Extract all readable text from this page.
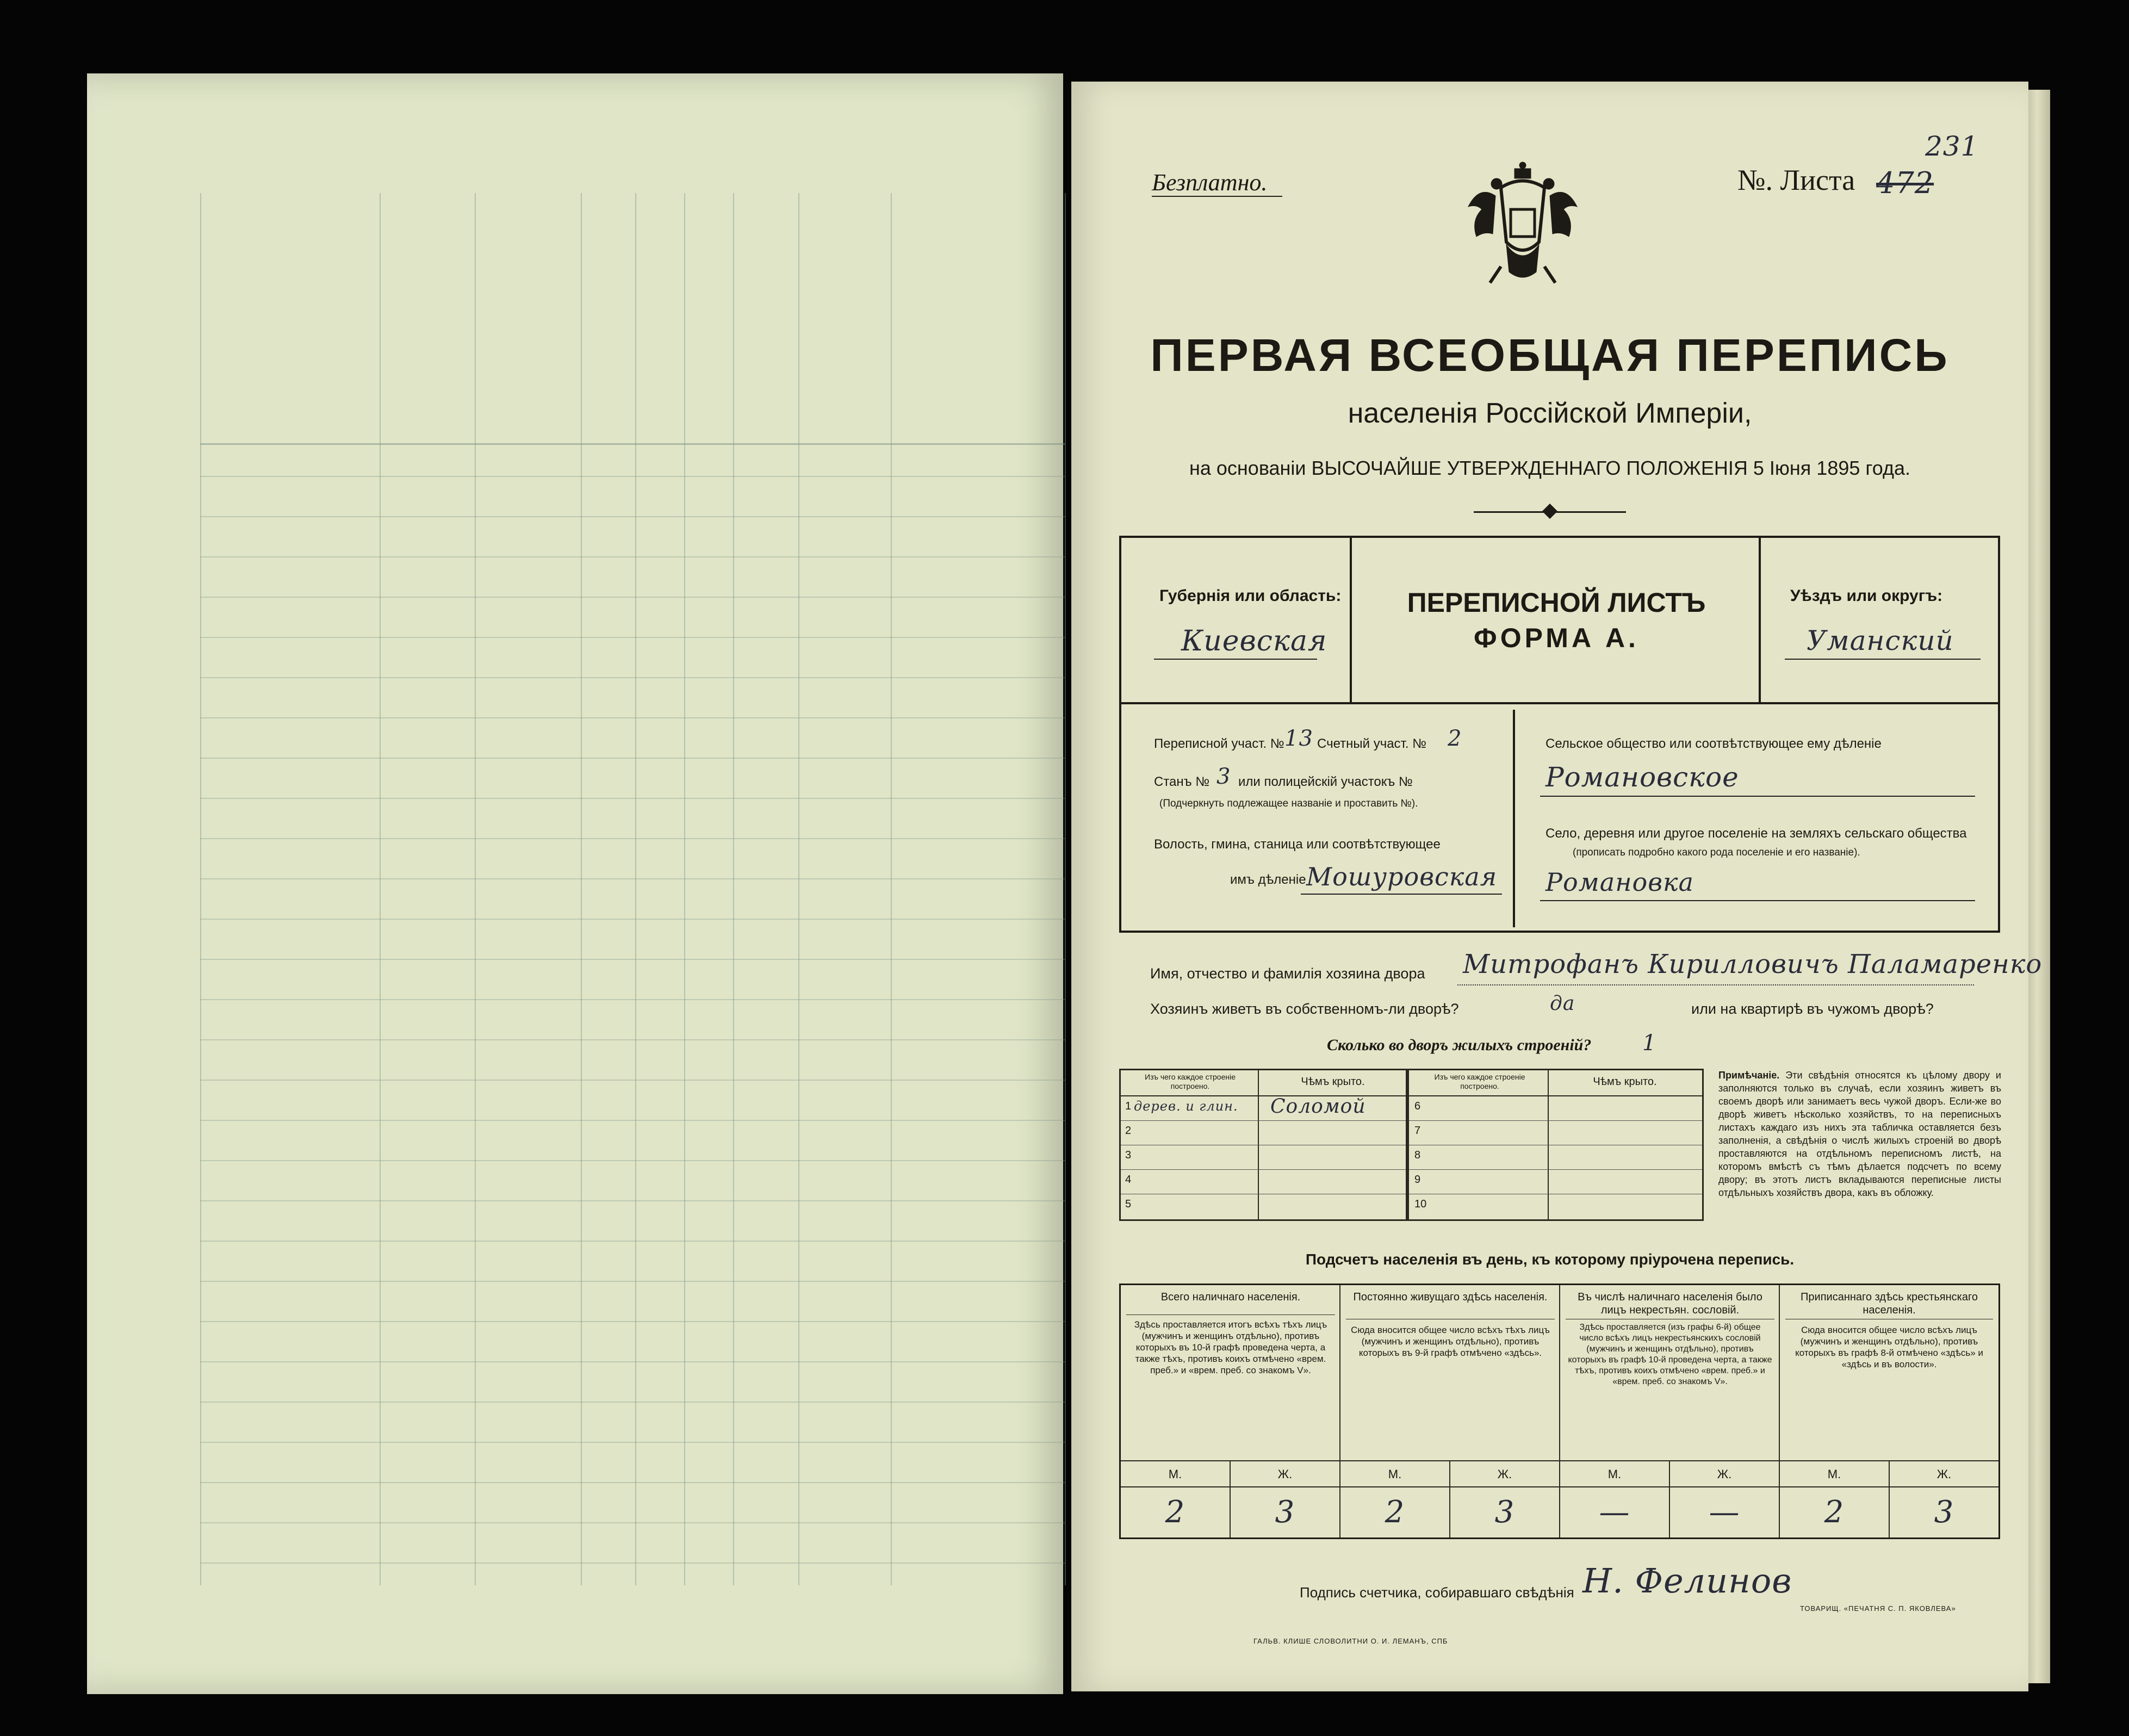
Безплатно.	№. Листа 472
231
ПЕРВАЯ ВСЕОБЩАЯ ПЕРЕПИСЬ
населенія Россійской Имперіи,
на основаніи ВЫСОЧАЙШЕ УТВЕРЖДЕННАГО ПОЛОЖЕНІЯ 5 Іюня 1895 года.
Губернія или область:
Киевская
ПЕРЕПИСНОЙ ЛИСТЪ
ФОРМА А.
Уѣздъ или округъ:
Уманский
Переписной участ. № 13 Счетный участ. № 2
Станъ № 3 или полицейскій участокъ №
(Подчеркнуть подлежащее названіе и проставить №).
Волость, гмина, станица или соотвѣтствующее
имъ дѣленіе Мошуровская
Сельское общество или соотвѣтствующее ему дѣленіе
Романовское
Село, деревня или другое поселеніе на земляхъ сельскаго общества
(прописать подробно какого рода поселеніе и его названіе).
Романовка
Имя, отчество и фамилія хозяина двора Митрофанъ Кирилловичъ Паламаренко
Хозяинъ живетъ въ собственномъ-ли дворѣ?	да	или на квартирѣ въ чужомъ дворѣ?
Сколько во дворъ жилыхъ строеній? 1
Изъ чего каждое строеніе построено.	Чѣмъ крыто.
1 дерев. и глин. Соломой
2
3
4
5
Изъ чего каждое строеніе построено.	Чѣмъ крыто.
6
7
8
9
10
Примѣчаніе. Эти свѣдѣнія относятся къ цѣлому двору и заполняются только въ случаѣ, если хозяинъ живетъ въ своемъ дворѣ или занимаетъ весь чужой дворъ. Если-же во дворѣ живетъ нѣсколько хозяйствъ, то на переписныхъ листахъ каждаго изъ нихъ эта табличка оставляется безъ заполненія, а свѣдѣнія о числѣ жилыхъ строеній во дворѣ проставляются на отдѣльномъ переписномъ листѣ, на которомъ вмѣстѣ съ тѣмъ дѣлается подсчетъ по всему двору; въ этотъ листъ вкладываются переписные листы отдѣльныхъ хозяйствъ двора, какъ въ обложку.
Подсчетъ населенія въ день, къ которому пріурочена перепись.
Всего наличнаго населенія.
Здѣсь проставляется итогъ всѣхъ тѣхъ лицъ (мужчинъ и женщинъ отдѣльно), противъ которыхъ въ 10-й графѣ проведена черта, а также тѣхъ, противъ коихъ отмѣчено «врем. преб.» и «врем. преб. со знакомъ V».
М.	Ж.
2	3
Постоянно живущаго здѣсь населенія.
Сюда вносится общее число всѣхъ тѣхъ лицъ (мужчинъ и женщинъ отдѣльно), противъ которыхъ въ 9-й графѣ отмѣчено «здѣсь».
М.	Ж.
2	3
Въ числѣ наличнаго населенія было лицъ некрестьян. сословій.
Здѣсь проставляется (изъ графы 6-й) общее число всѣхъ лицъ некрестьянскихъ сословій (мужчинъ и женщинъ отдѣльно), противъ которыхъ въ графѣ 10-й проведена черта, а также тѣхъ, противъ коихъ отмѣчено «врем. преб.» и «врем. преб. со знакомъ V».
М.	Ж.
—	—
Приписаннаго здѣсь крестьянскаго населенія.
Сюда вносится общее число всѣхъ лицъ (мужчинъ и женщинъ отдѣльно), противъ которыхъ въ графѣ 8-й отмѣчено «здѣсь» и «здѣсь и въ волости».
М.	Ж.
2	3
Подпись счетчика, собиравшаго свѣдѣнія Н. Фелинов
ГАЛЬВ. КЛИШЕ СЛОВОЛИТНИ О. И. ЛЕМАНЪ, СПБ
ТОВАРИЩ. «ПЕЧАТНЯ С. П. ЯКОВЛЕВА»
